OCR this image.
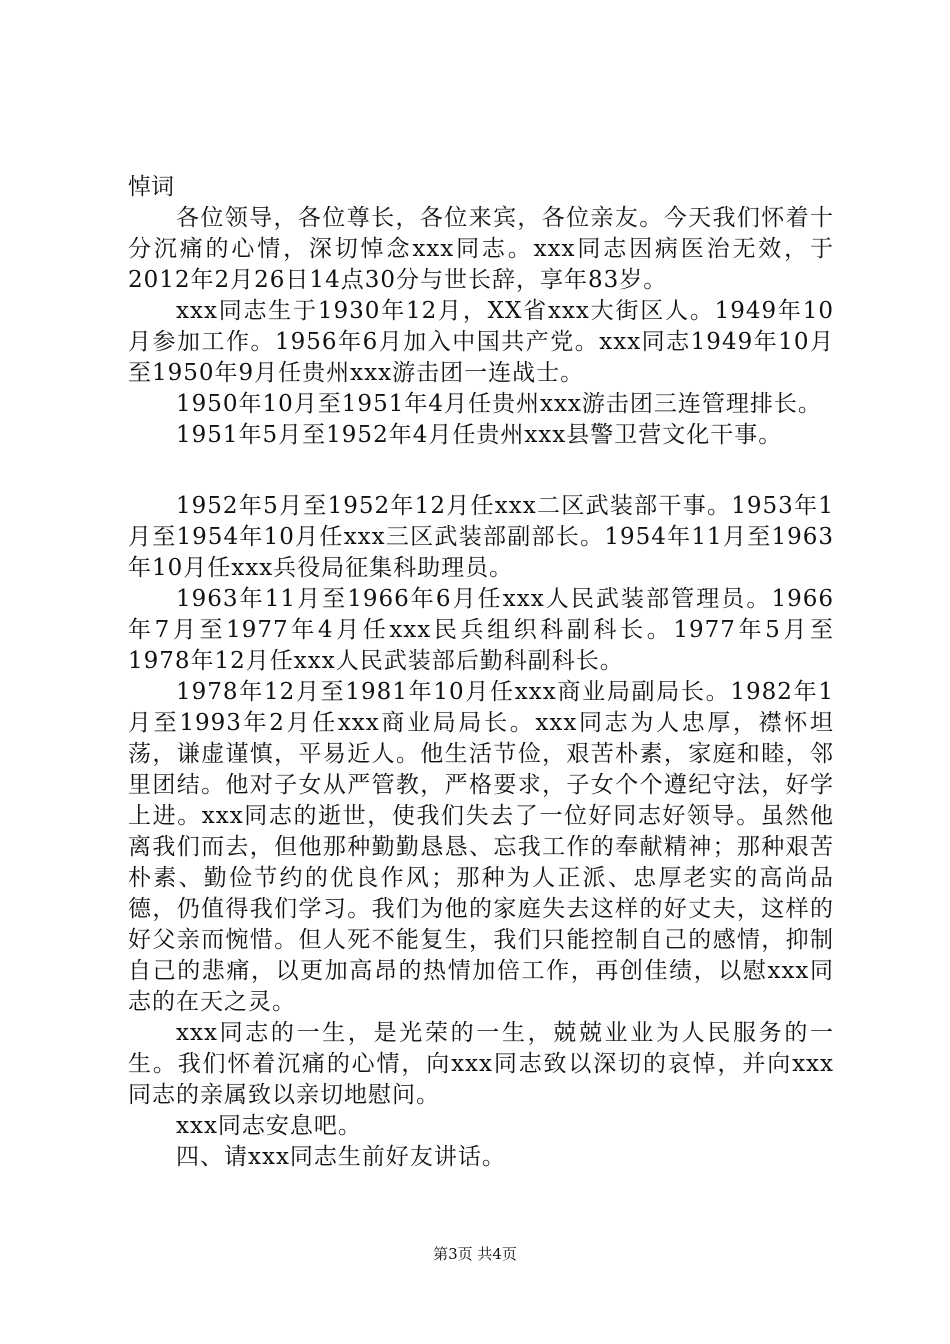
悼词

各位领导，各位尊长，各位来宾，各位亲友。今天我们怀着十分沉痛的心情，深切悼念xxx同志。xxx同志因病医治无效，于2012年2月26日14点30分与世长辞，享年83岁。

xxx同志生于1930年12月，XX省xxx大街区人。1949年10月参加工作。1956年6月加入中国共产党。xxx同志1949年10月至1950年9月任贵州xxx游击团一连战士。

1950年10月至1951年4月任贵州xxx游击团三连管理排长。

1951年5月至1952年4月任贵州xxx县警卫营文化干事。

1952年5月至1952年12月任xxx二区武装部干事。1953年1月至1954年10月任xxx三区武装部副部长。1954年11月至1963年10月任xxx兵役局征集科助理员。

1963年11月至1966年6月任xxx人民武装部管理员。1966年7月至1977年4月任xxx民兵组织科副科长。1977年5月至1978年12月任xxx人民武装部后勤科副科长。

1978年12月至1981年10月任xxx商业局副局长。1982年1月至1993年2月任xxx商业局局长。xxx同志为人忠厚，襟怀坦荡，谦虚谨慎，平易近人。他生活节俭，艰苦朴素，家庭和睦，邻里团结。他对子女从严管教，严格要求，子女个个遵纪守法，好学上进。xxx同志的逝世，使我们失去了一位好同志好领导。虽然他离我们而去，但他那种勤勤恳恳、忘我工作的奉献精神；那种艰苦朴素、勤俭节约的优良作风；那种为人正派、忠厚老实的高尚品德，仍值得我们学习。我们为他的家庭失去这样的好丈夫，这样的好父亲而惋惜。但人死不能复生，我们只能控制自己的感情，抑制自己的悲痛，以更加高昂的热情加倍工作，再创佳绩，以慰xxx同志的在天之灵。

xxx同志的一生，是光荣的一生，兢兢业业为人民服务的一生。我们怀着沉痛的心情，向xxx同志致以深切的哀悼，并向xxx同志的亲属致以亲切地慰问。

xxx同志安息吧。

四、请xxx同志生前好友讲话。

第3页 共4页
